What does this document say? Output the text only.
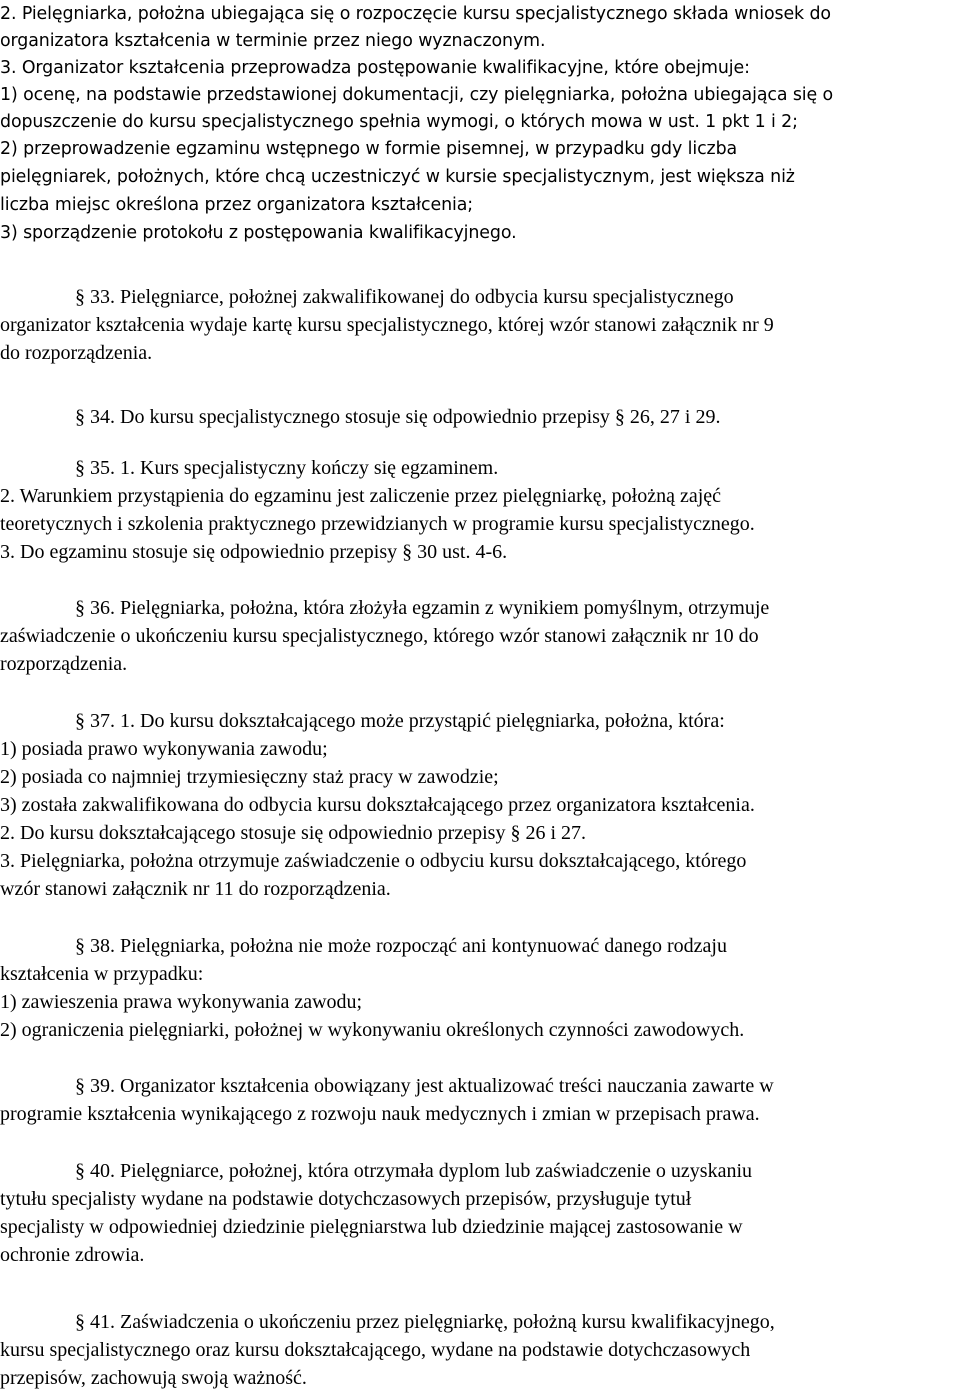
2. Pielęgniarka, położna ubiegająca się o rozpoczęcie kursu specjalistycznego składa wniosek do
organizatora kształcenia w terminie przez niego wyznaczonym.
3. Organizator kształcenia przeprowadza postępowanie kwalifikacyjne, które obejmuje:
1) ocenę, na podstawie przedstawionej dokumentacji, czy pielęgniarka, położna ubiegająca się o
dopuszczenie do kursu specjalistycznego spełnia wymogi, o których mowa w ust. 1 pkt 1 i 2;
2) przeprowadzenie egzaminu wstępnego w formie pisemnej, w przypadku gdy liczba
pielęgniarek, położnych, które chcą uczestniczyć w kursie specjalistycznym, jest większa niż
liczba miejsc określona przez organizatora kształcenia;
3) sporządzenie protokołu z postępowania kwalifikacyjnego.
§ 33. Pielęgniarce, położnej zakwalifikowanej do odbycia kursu specjalistycznego
organizator kształcenia wydaje kartę kursu specjalistycznego, której wzór stanowi załącznik nr 9
do rozporządzenia.
§ 34. Do kursu specjalistycznego stosuje się odpowiednio przepisy § 26, 27 i 29.
§ 35. 1. Kurs specjalistyczny kończy się egzaminem.
2. Warunkiem przystąpienia do egzaminu jest zaliczenie przez pielęgniarkę, położną zajęć
teoretycznych i szkolenia praktycznego przewidzianych w programie kursu specjalistycznego.
3. Do egzaminu stosuje się odpowiednio przepisy § 30 ust. 4-6.
§ 36. Pielęgniarka, położna, która złożyła egzamin z wynikiem pomyślnym, otrzymuje
zaświadczenie o ukończeniu kursu specjalistycznego, którego wzór stanowi załącznik nr 10 do
rozporządzenia.
§ 37. 1. Do kursu dokształcającego może przystąpić pielęgniarka, położna, która:
1) posiada prawo wykonywania zawodu;
2) posiada co najmniej trzymiesięczny staż pracy w zawodzie;
3) została zakwalifikowana do odbycia kursu dokształcającego przez organizatora kształcenia.
2. Do kursu dokształcającego stosuje się odpowiednio przepisy § 26 i 27.
3. Pielęgniarka, położna otrzymuje zaświadczenie o odbyciu kursu dokształcającego, którego
wzór stanowi załącznik nr 11 do rozporządzenia.
§ 38. Pielęgniarka, położna nie może rozpocząć ani kontynuować danego rodzaju
kształcenia w przypadku:
1) zawieszenia prawa wykonywania zawodu;
2) ograniczenia pielęgniarki, położnej w wykonywaniu określonych czynności zawodowych.
§ 39. Organizator kształcenia obowiązany jest aktualizować treści nauczania zawarte w
programie kształcenia wynikającego z rozwoju nauk medycznych i zmian w przepisach prawa.
§ 40. Pielęgniarce, położnej, która otrzymała dyplom lub zaświadczenie o uzyskaniu
tytułu specjalisty wydane na podstawie dotychczasowych przepisów, przysługuje tytuł
specjalisty w odpowiedniej dziedzinie pielęgniarstwa lub dziedzinie mającej zastosowanie w
ochronie zdrowia.
§ 41. Zaświadczenia o ukończeniu przez pielęgniarkę, położną kursu kwalifikacyjnego,
kursu specjalistycznego oraz kursu dokształcającego, wydane na podstawie dotychczasowych
przepisów, zachowują swoją ważność.
